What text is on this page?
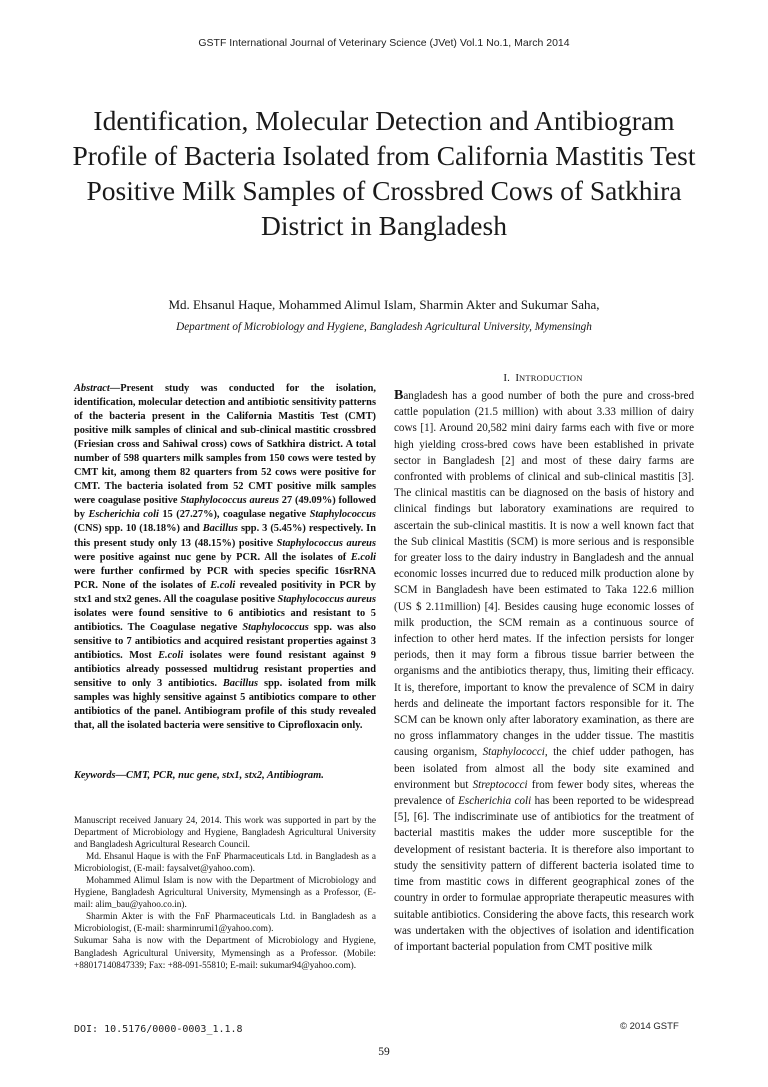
GSTF International Journal of Veterinary Science (JVet) Vol.1 No.1, March 2014
Identification, Molecular Detection and Antibiogram Profile of Bacteria Isolated from California Mastitis Test Positive Milk Samples of Crossbred Cows of Satkhira District in Bangladesh
Md. Ehsanul Haque, Mohammed Alimul Islam, Sharmin Akter and Sukumar Saha,
Department of Microbiology and Hygiene, Bangladesh Agricultural University, Mymensingh
Abstract—Present study was conducted for the isolation, identification, molecular detection and antibiotic sensitivity patterns of the bacteria present in the California Mastitis Test (CMT) positive milk samples of clinical and sub-clinical mastitic crossbred (Friesian cross and Sahiwal cross) cows of Satkhira district. A total number of 598 quarters milk samples from 150 cows were tested by CMT kit, among them 82 quarters from 52 cows were positive for CMT. The bacteria isolated from 52 CMT positive milk samples were coagulase positive Staphylococcus aureus 27 (49.09%) followed by Escherichia coli 15 (27.27%), coagulase negative Staphylococcus (CNS) spp. 10 (18.18%) and Bacillus spp. 3 (5.45%) respectively. In this present study only 13 (48.15%) positive Staphylococcus aureus were positive against nuc gene by PCR. All the isolates of E.coli were further confirmed by PCR with species specific 16srRNA PCR. None of the isolates of E.coli revealed positivity in PCR by stx1 and stx2 genes. All the coagulase positive Staphylococcus aureus isolates were found sensitive to 6 antibiotics and resistant to 5 antibiotics. The Coagulase negative Staphylococcus spp. was also sensitive to 7 antibiotics and acquired resistant properties against 3 antibiotics. Most E.coli isolates were found resistant against 9 antibiotics already possessed multidrug resistant properties and sensitive to only 3 antibiotics. Bacillus spp. isolated from milk samples was highly sensitive against 5 antibiotics compare to other antibiotics of the panel. Antibiogram profile of this study revealed that, all the isolated bacteria were sensitive to Ciprofloxacin only.
Keywords—CMT, PCR, nuc gene, stx1, stx2, Antibiogram.

Manuscript received January 24, 2014. This work was supported in part by the Department of Microbiology and Hygiene, Bangladesh Agricultural University and Bangladesh Agricultural Research Council.

Md. Ehsanul Haque is with the FnF Pharmaceuticals Ltd. in Bangladesh as a Microbiologist, (E-mail: faysalvet@yahoo.com).

Mohammed Alimul Islam is now with the Department of Microbiology and Hygiene, Bangladesh Agricultural University, Mymensingh as a Professor, (E-mail: alim_bau@yahoo.co.in).

Sharmin Akter is with the FnF Pharmaceuticals Ltd. in Bangladesh as a Microbiologist, (E-mail: sharminrumi1@yahoo.com).

Sukumar Saha is now with the Department of Microbiology and Hygiene, Bangladesh Agricultural University, Mymensingh as a Professor. (Mobile: +88017140847339; Fax: +88-091-55810; E-mail: sukumar94@yahoo.com).

I. INTRODUCTION

Bangladesh has a good number of both the pure and cross-bred cattle population (21.5 million) with about 3.33 million of dairy cows [1]. Around 20,582 mini dairy farms each with five or more high yielding cross-bred cows have been established in private sector in Bangladesh [2] and most of these dairy farms are confronted with problems of clinical and sub-clinical mastitis [3]. The clinical mastitis can be diagnosed on the basis of history and clinical findings but laboratory examinations are required to ascertain the sub-clinical mastitis. It is now a well known fact that the Sub clinical Mastitis (SCM) is more serious and is responsible for greater loss to the dairy industry in Bangladesh and the annual economic losses incurred due to reduced milk production alone by SCM in Bangladesh have been estimated to Taka 122.6 million (US $ 2.11million) [4]. Besides causing huge economic losses of milk production, the SCM remain as a continuous source of infection to other herd mates. If the infection persists for longer periods, then it may form a fibrous tissue barrier between the organisms and the antibiotics therapy, thus, limiting their efficacy. It is, therefore, important to know the prevalence of SCM in dairy herds and delineate the important factors responsible for it. The SCM can be known only after laboratory examination, as there are no gross inflammatory changes in the udder tissue. The mastitis causing organism, Staphylococci, the chief udder pathogen, has been isolated from almost all the body site examined and environment but Streptococci from fewer body sites, whereas the prevalence of Escherichia coli has been reported to be widespread [5], [6]. The indiscriminate use of antibiotics for the treatment of bacterial mastitis makes the udder more susceptible for the development of resistant bacteria. It is therefore also important to study the sensitivity pattern of different bacteria isolated time to time from mastitic cows in different geographical zones of the country in order to formulae appropriate therapeutic measures with suitable antibiotics. Considering the above facts, this research work was undertaken with the objectives of isolation and identification of important bacterial population from CMT positive milk

DOI: 10.5176/0000-0003_1.1.8	© 2014 GSTF
59
